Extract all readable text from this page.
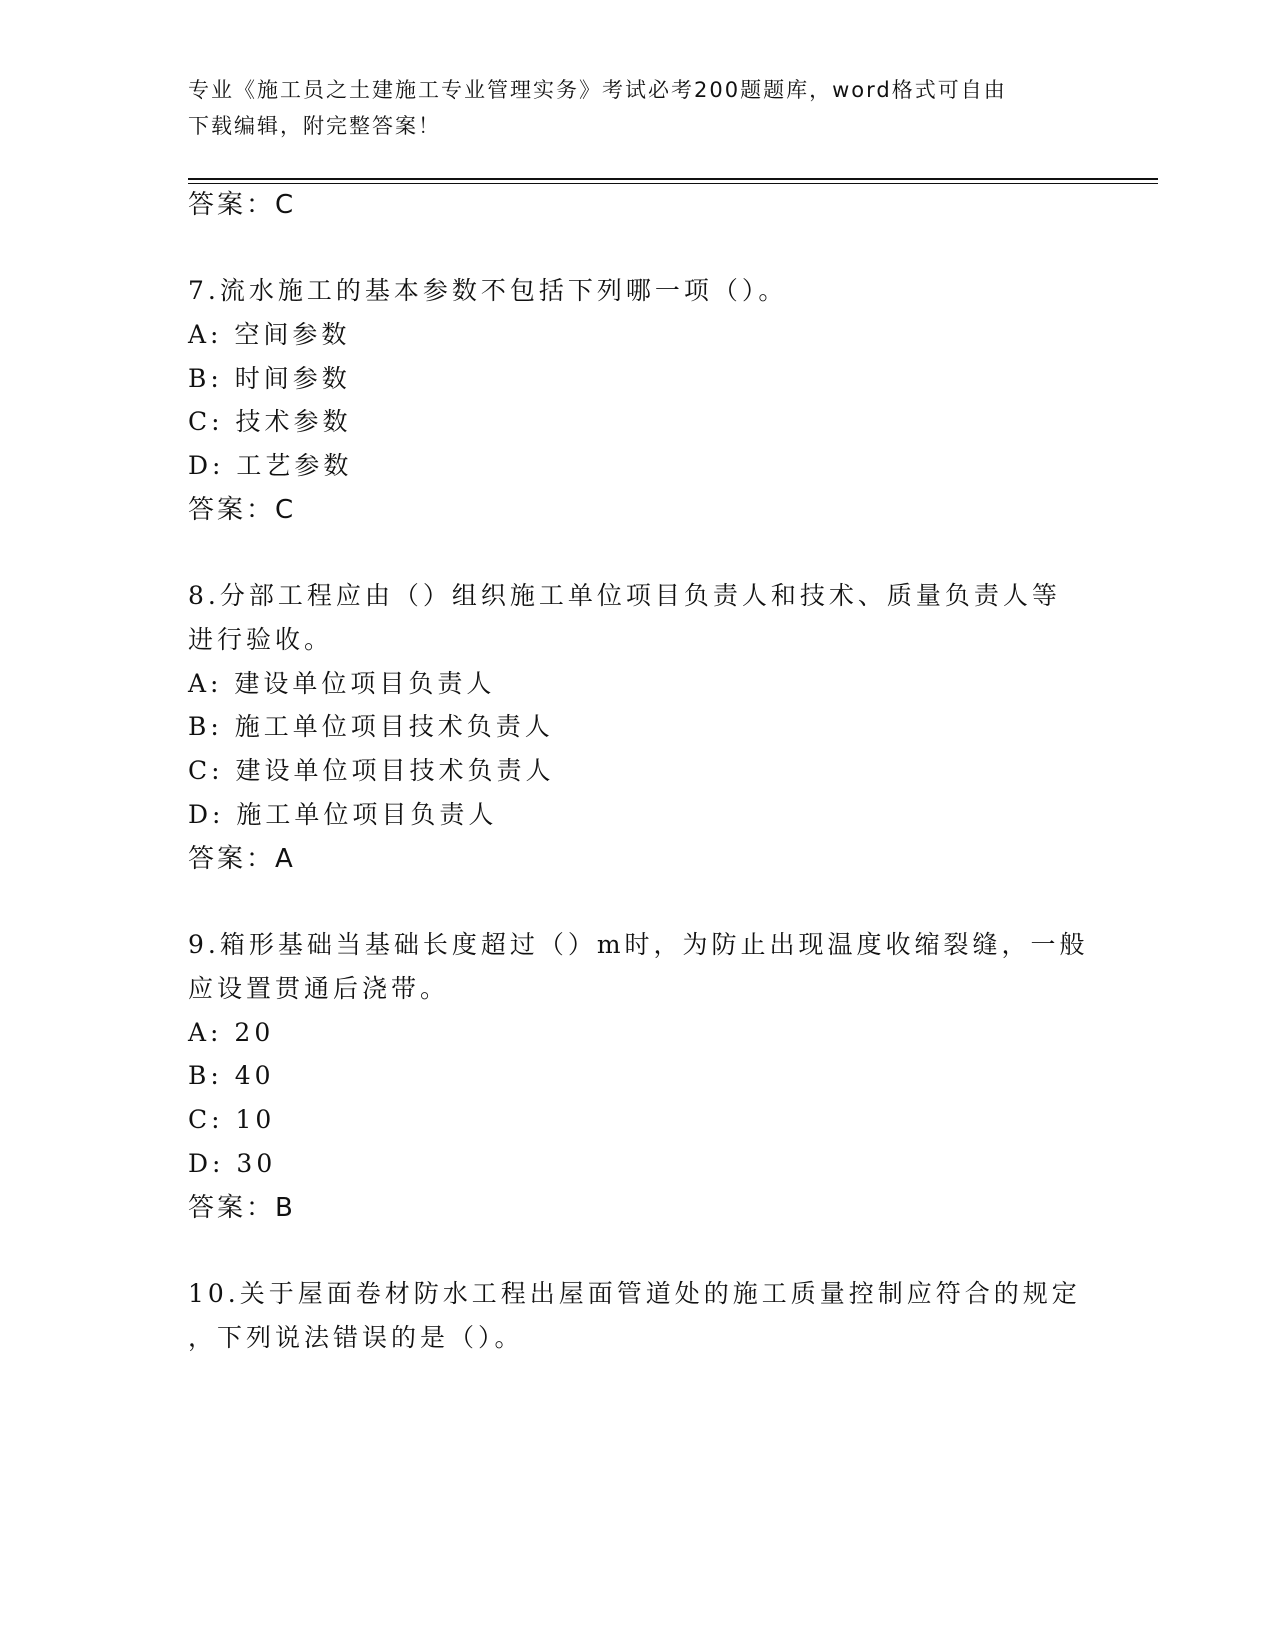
专业《施工员之土建施工专业管理实务》考试必考200题题库，word格式可自由
下载编辑，附完整答案！
答案：C
7.流水施工的基本参数不包括下列哪一项（）。
A: 空间参数
B: 时间参数
C: 技术参数
D: 工艺参数
答案：C
8.分部工程应由（）组织施工单位项目负责人和技术、质量负责人等
进行验收。
A: 建设单位项目负责人
B: 施工单位项目技术负责人
C: 建设单位项目技术负责人
D: 施工单位项目负责人
答案：A
9.箱形基础当基础长度超过（）m时，为防止出现温度收缩裂缝，一般
应设置贯通后浇带。
A: 20
B: 40
C: 10
D: 30
答案：B
10.关于屋面卷材防水工程出屋面管道处的施工质量控制应符合的规定
，下列说法错误的是（）。
